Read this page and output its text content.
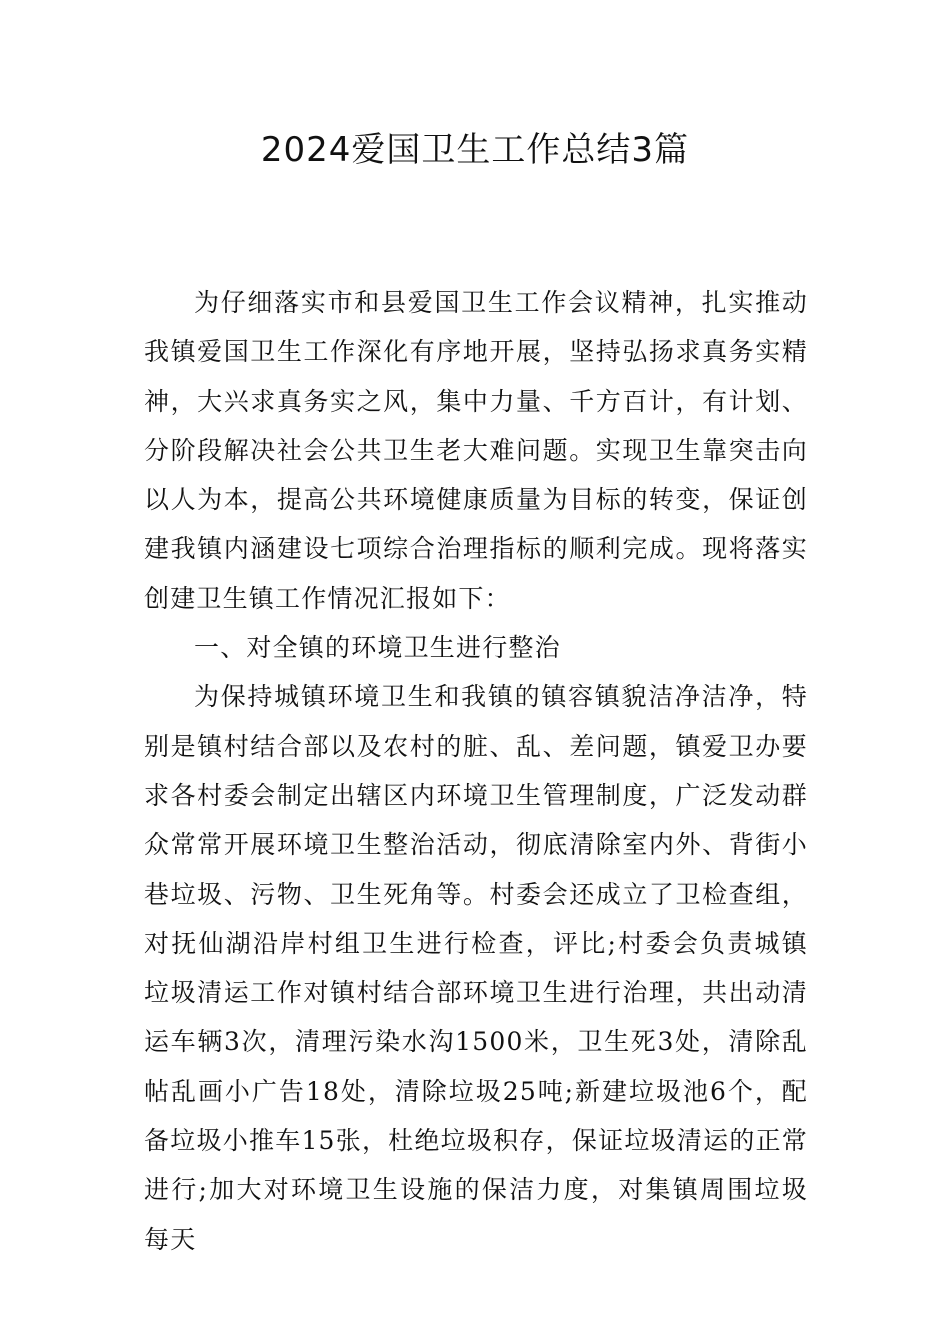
2024爱国卫生工作总结3篇

为仔细落实市和县爱国卫生工作会议精神，扎实推动我镇爱国卫生工作深化有序地开展，坚持弘扬求真务实精神，大兴求真务实之风，集中力量、千方百计，有计划、分阶段解决社会公共卫生老大难问题。实现卫生靠突击向以人为本，提高公共环境健康质量为目标的转变，保证创建我镇内涵建设七项综合治理指标的顺利完成。现将落实创建卫生镇工作情况汇报如下：

一、对全镇的环境卫生进行整治

为保持城镇环境卫生和我镇的镇容镇貌洁净洁净，特别是镇村结合部以及农村的脏、乱、差问题，镇爱卫办要求各村委会制定出辖区内环境卫生管理制度，广泛发动群众常常开展环境卫生整治活动，彻底清除室内外、背街小巷垃圾、污物、卫生死角等。村委会还成立了卫检查组，对抚仙湖沿岸村组卫生进行检查，评比;村委会负责城镇垃圾清运工作对镇村结合部环境卫生进行治理，共出动清运车辆3次，清理污染水沟1500米，卫生死3处，清除乱帖乱画小广告18处，清除垃圾25吨;新建垃圾池6个，配备垃圾小推车15张，杜绝垃圾积存，保证垃圾清运的正常进行;加大对环境卫生设施的保洁力度，对集镇周围垃圾每天
